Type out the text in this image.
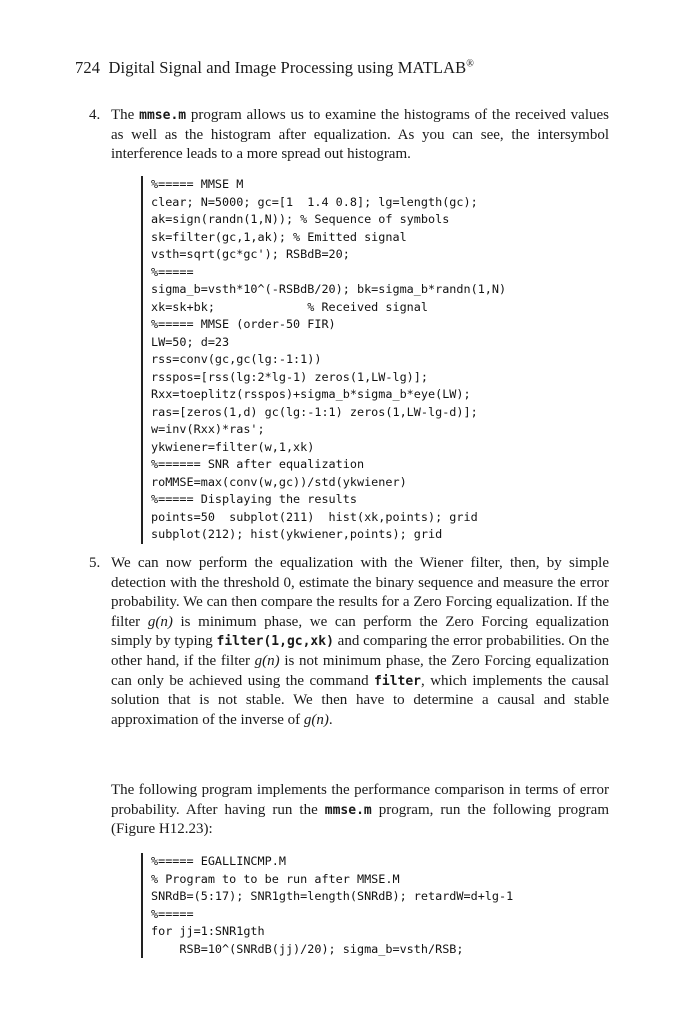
724 Digital Signal and Image Processing using MATLAB®
4. The mmse.m program allows us to examine the histograms of the received values as well as the histogram after equalization. As you can see, the intersymbol interference leads to a more spread out histogram.
%===== MMSE M
clear; N=5000; gc=[1  1.4 0.8]; lg=length(gc);
ak=sign(randn(1,N)); % Sequence of symbols
sk=filter(gc,1,ak); % Emitted signal
vsth=sqrt(gc*gc'); RSBdB=20;
%=====
sigma_b=vsth*10^(-RSBdB/20); bk=sigma_b*randn(1,N)
xk=sk+bk;             % Received signal
%===== MMSE (order-50 FIR)
LW=50; d=23
rss=conv(gc,gc(lg:-1:1))
rsspos=[rss(lg:2*lg-1) zeros(1,LW-lg)];
Rxx=toeplitz(rsspos)+sigma_b*sigma_b*eye(LW);
ras=[zeros(1,d) gc(lg:-1:1) zeros(1,LW-lg-d)];
w=inv(Rxx)*ras';
ykwiener=filter(w,1,xk)
%====== SNR after equalization
roMMSE=max(conv(w,gc))/std(ykwiener)
%===== Displaying the results
points=50  subplot(211)  hist(xk,points); grid
subplot(212); hist(ykwiener,points); grid
5. We can now perform the equalization with the Wiener filter, then, by simple detection with the threshold 0, estimate the binary sequence and measure the error probability. We can then compare the results for a Zero Forcing equalization. If the filter g(n) is minimum phase, we can perform the Zero Forcing equalization simply by typing filter(1,gc,xk) and comparing the error probabilities. On the other hand, if the filter g(n) is not minimum phase, the Zero Forcing equalization can only be achieved using the command filter, which implements the causal solution that is not stable. We then have to determine a causal and stable approximation of the inverse of g(n).
The following program implements the performance comparison in terms of error probability. After having run the mmse.m program, run the following program (Figure H12.23):
%===== EGALLINCMP.M
% Program to to be run after MMSE.M
SNRdB=(5:17); SNR1gth=length(SNRdB); retardW=d+lg-1
%=====
for jj=1:SNR1gth
RSB=10^(SNRdB(jj)/20); sigma_b=vsth/RSB;
